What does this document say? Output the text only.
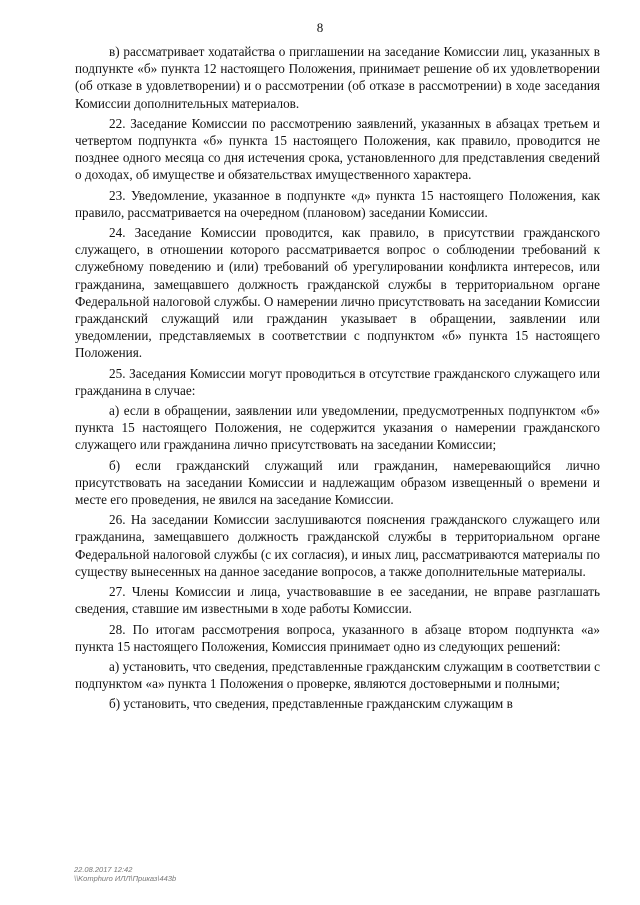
8

в) рассматривает ходатайства о приглашении на заседание Комиссии лиц, указанных в подпункте «б» пункта 12 настоящего Положения, принимает решение об их удовлетворении (об отказе в удовлетворении) и о рассмотрении (об отказе в рассмотрении) в ходе заседания Комиссии дополнительных материалов.

22. Заседание Комиссии по рассмотрению заявлений, указанных в абзацах третьем и четвертом подпункта «б» пункта 15 настоящего Положения, как правило, проводится не позднее одного месяца со дня истечения срока, установленного для представления сведений о доходах, об имуществе и обязательствах имущественного характера.

23. Уведомление, указанное в подпункте «д» пункта 15 настоящего Положения, как правило, рассматривается на очередном (плановом) заседании Комиссии.

24. Заседание Комиссии проводится, как правило, в присутствии гражданского служащего, в отношении которого рассматривается вопрос о соблюдении требований к служебному поведению и (или) требований об урегулировании конфликта интересов, или гражданина, замещавшего должность гражданской службы в территориальном органе Федеральной налоговой службы. О намерении лично присутствовать на заседании Комиссии гражданский служащий или гражданин указывает в обращении, заявлении или уведомлении, представляемых в соответствии с подпунктом «б» пункта 15 настоящего Положения.

25. Заседания Комиссии могут проводиться в отсутствие гражданского служащего или гражданина в случае:

а) если в обращении, заявлении или уведомлении, предусмотренных подпунктом «б» пункта 15 настоящего Положения, не содержится указания о намерении гражданского служащего или гражданина лично присутствовать на заседании Комиссии;

б) если гражданский служащий или гражданин, намеревающийся лично присутствовать на заседании Комиссии и надлежащим образом извещенный о времени и месте его проведения, не явился на заседание Комиссии.

26. На заседании Комиссии заслушиваются пояснения гражданского служащего или гражданина, замещавшего должность гражданской службы в территориальном органе Федеральной налоговой службы (с их согласия), и иных лиц, рассматриваются материалы по существу вынесенных на данное заседание вопросов, а также дополнительные материалы.

27. Члены Комиссии и лица, участвовавшие в ее заседании, не вправе разглашать сведения, ставшие им известными в ходе работы Комиссии.

28. По итогам рассмотрения вопроса, указанного в абзаце втором подпункта «а» пункта 15 настоящего Положения, Комиссия принимает одно из следующих решений:

а) установить, что сведения, представленные гражданским служащим в соответствии с подпунктом «а» пункта 1 Положения о проверке, являются достоверными и полными;

б) установить, что сведения, представленные гражданским служащим в

22.08.2017 12:42
\\Komphuro ИЛЛ\Приказ\443b
